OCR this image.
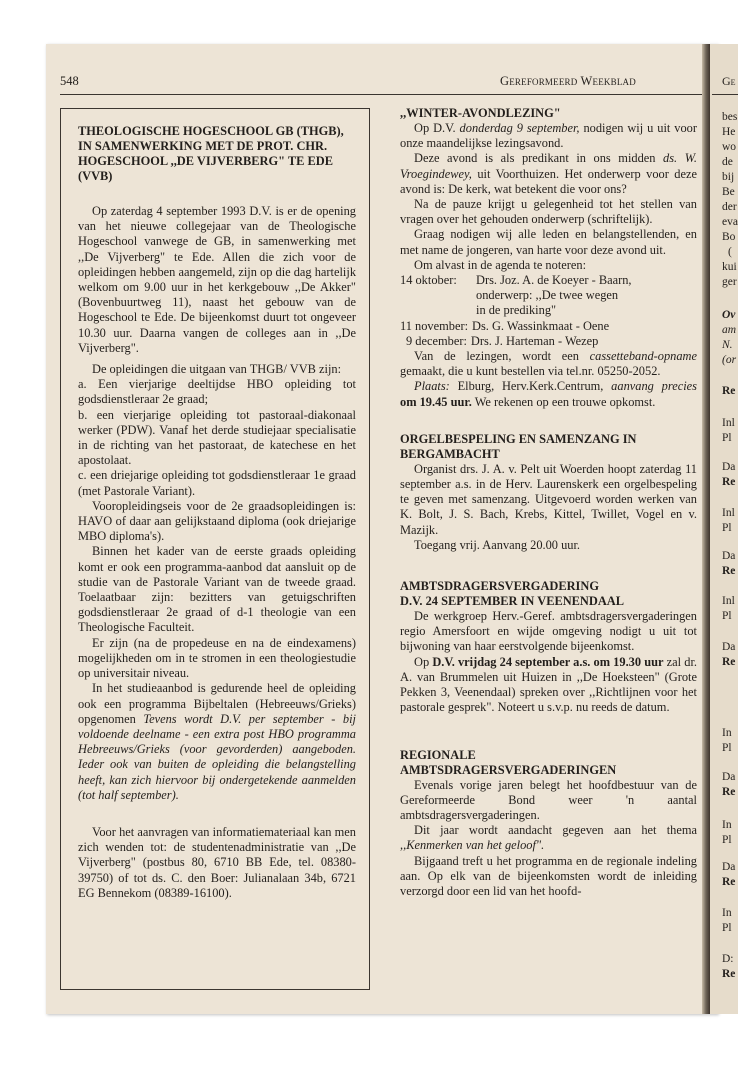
548	Gereformeerd Weekblad	Ge
THEOLOGISCHE HOGESCHOOL GB (THGB), IN SAMENWERKING MET DE PROT. CHR. HOGESCHOOL ,,DE VIJVERBERG" TE EDE (VVB)

Op zaterdag 4 september 1993 D.V. is er de opening van het nieuwe collegejaar van de Theologische Hogeschool vanwege de GB, in samenwerking met ,,De Vijverberg" te Ede. Allen die zich voor de opleidingen hebben aangemeld, zijn op die dag hartelijk welkom om 9.00 uur in het kerkgebouw ,,De Akker" (Bovenbuurtweg 11), naast het gebouw van de Hogeschool te Ede. De bijeenkomst duurt tot ongeveer 10.30 uur. Daarna vangen de colleges aan in ,,De Vijverberg".

De opleidingen die uitgaan van THGB/ VVB zijn:

a. Een vierjarige deeltijdse HBO opleiding tot godsdienstleraar 2e graad;

b. een vierjarige opleiding tot pastoraal-diakonaal werker (PDW). Vanaf het derde studiejaar specialisatie in de richting van het pastoraat, de katechese en het apostolaat.

c. een driejarige opleiding tot godsdienstleraar 1e graad (met Pastorale Variant).

Vooropleidingseis voor de 2e graadsopleidingen is: HAVO of daar aan gelijkstaand diploma (ook driejarige MBO diploma's).

Binnen het kader van de eerste graads opleiding komt er ook een programma-aanbod dat aansluit op de studie van de Pastorale Variant van de tweede graad. Toelaatbaar zijn: bezitters van getuigschriften godsdienstleraar 2e graad of d-1 theologie van een Theologische Faculteit.

Er zijn (na de propedeuse en na de eindexamens) mogelijkheden om in te stromen in een theologiestudie op universitair niveau.

In het studieaanbod is gedurende heel de opleiding ook een programma Bijbeltalen (Hebreeuws/Grieks) opgenomen Tevens wordt D.V. per september - bij voldoende deelname - een extra post HBO programma Hebreeuws/Grieks (voor gevorderden) aangeboden. Ieder ook van buiten de opleiding die belangstelling heeft, kan zich hiervoor bij ondergetekende aanmelden (tot half september).

Voor het aanvragen van informatiemateriaal kan men zich wenden tot: de studentenadministratie van ,,De Vijverberg" (postbus 80, 6710 BB Ede, tel. 08380-39750) of tot ds. C. den Boer: Julianalaan 34b, 6721 EG Bennekom (08389-16100).

,,WINTER-AVONDLEZING"

Op D.V. donderdag 9 september, nodigen wij u uit voor onze maandelijkse lezingsavond.

Deze avond is als predikant in ons midden ds. W. Vroegindewey, uit Voorthuizen. Het onderwerp voor deze avond is: De kerk, wat betekent die voor ons?

Na de pauze krijgt u gelegenheid tot het stellen van vragen over het gehouden onderwerp (schriftelijk).

Graag nodigen wij alle leden en belangstellenden, en met name de jongeren, van harte voor deze avond uit.

Om alvast in de agenda te noteren:

14 oktober:	Drs. Joz. A. de Koeyer - Baarn,
onderwerp: ,,De twee wegen
in de prediking"
11 november: Ds. G. Wassinkmaat - Oene
9 december: Drs. J. Harteman - Wezep

Van de lezingen, wordt een cassetteband-opname gemaakt, die u kunt bestellen via tel.nr. 05250-2052.

Plaats: Elburg, Herv.Kerk.Centrum, aanvang precies om 19.45 uur. We rekenen op een trouwe opkomst.

ORGELBESPELING EN SAMENZANG IN BERGAMBACHT

Organist drs. J. A. v. Pelt uit Woerden hoopt zaterdag 11 september a.s. in de Herv. Laurenskerk een orgelbespeling te geven met samenzang. Uitgevoerd worden werken van K. Bolt, J. S. Bach, Krebs, Kittel, Twillet, Vogel en v. Mazijk.

Toegang vrij. Aanvang 20.00 uur.

AMBTSDRAGERSVERGADERING
D.V. 24 SEPTEMBER IN VEENENDAAL

De werkgroep Herv.-Geref. ambtsdragersvergaderingen regio Amersfoort en wijde omgeving nodigt u uit tot bijwoning van haar eerstvolgende bijeenkomst.

Op D.V. vrijdag 24 september a.s. om 19.30 uur zal dr. A. van Brummelen uit Huizen in ,,De Hoeksteen" (Grote Pekken 3, Veenendaal) spreken over ,,Richtlijnen voor het pastorale gesprek". Noteert u s.v.p. nu reeds de datum.

REGIONALE
AMBTSDRAGERSVERGADERINGEN

Evenals vorige jaren belegt het hoofdbestuur van de Gereformeerde Bond weer 'n aantal ambtsdragersvergaderingen.

Dit jaar wordt aandacht gegeven aan het thema ,,Kenmerken van het geloof".

Bijgaand treft u het programma en de regionale indeling aan. Op elk van de bijeenkomsten wordt de inleiding verzorgd door een lid van het hoofd-

bes
He
wo
de
bij
Be
der
eva
Bo
(
kui
ger
Ov
am
N.
(or
Re
Inl
Pl
Da
Re
Inl
Pl
Da
Re
Inl
Pl
Da
Re
In
Pl
Da
Re
In
Pl
Da
Re
In
Pl
D:
Re
